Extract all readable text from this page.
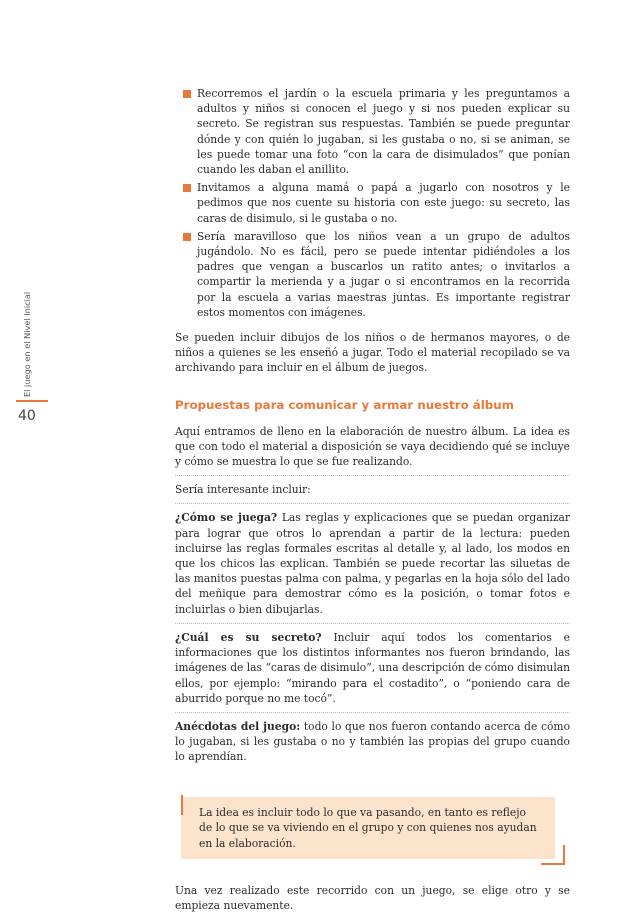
El juego en el Nivel Inicial
40

Recorremos el jardín o la escuela primaria y les preguntamos a adultos y niños si conocen el juego y si nos pueden explicar su secreto. Se registran sus respuestas. También se puede preguntar dónde y con quién lo jugaban, si les gustaba o no, si se animan, se les puede tomar una foto “con la cara de disimulados” que ponían cuando les daban el anillito.

Invitamos a alguna mamá o papá a jugarlo con nosotros y le pedimos que nos cuente su historia con este juego: su secreto, las caras de disimulo, si le gustaba o no.

Sería maravilloso que los niños vean a un grupo de adultos jugándolo. No es fácil, pero se puede intentar pidiéndoles a los padres que vengan a buscarlos un ratito antes; o invitarlos a compartir la merienda y a jugar o si encontramos en la recorrida por la escuela a varias maestras juntas. Es importante registrar estos momentos con imágenes.

Se pueden incluir dibujos de los niños o de hermanos mayores, o de niños a quienes se les enseñó a jugar. Todo el material recopilado se va archivando para incluir en el álbum de juegos.

Propuestas para comunicar y armar nuestro álbum

Aquí entramos de lleno en la elaboración de nuestro álbum. La idea es que con todo el material a disposición se vaya decidiendo qué se incluye y cómo se muestra lo que se fue realizando.

Sería interesante incluir:

¿Cómo se juega? Las reglas y explicaciones que se puedan organizar para lograr que otros lo aprendan a partir de la lectura: pueden incluirse las reglas formales escritas al detalle y, al lado, los modos en que los chicos las explican. También se puede recortar las siluetas de las manitos puestas palma con palma, y pegarlas en la hoja sólo del lado del meñique para demostrar cómo es la posición, o tomar fotos e incluirlas o bien dibujarlas.

¿Cuál es su secreto? Incluir aquí todos los comentarios e informaciones que los distintos informantes nos fueron brindando, las imágenes de las “caras de disimulo”, una descripción de cómo disimulan ellos, por ejemplo: “mirando para el costadito”, o “poniendo cara de aburrido porque no me tocó”.

Anécdotas del juego: todo lo que nos fueron contando acerca de cómo lo jugaban, si les gustaba o no y también las propias del grupo cuando lo aprendían.

La idea es incluir todo lo que va pasando, en tanto es reflejo de lo que se va viviendo en el grupo y con quienes nos ayudan en la elaboración.

Una vez realizado este recorrido con un juego, se elige otro y se empieza nuevamente.
